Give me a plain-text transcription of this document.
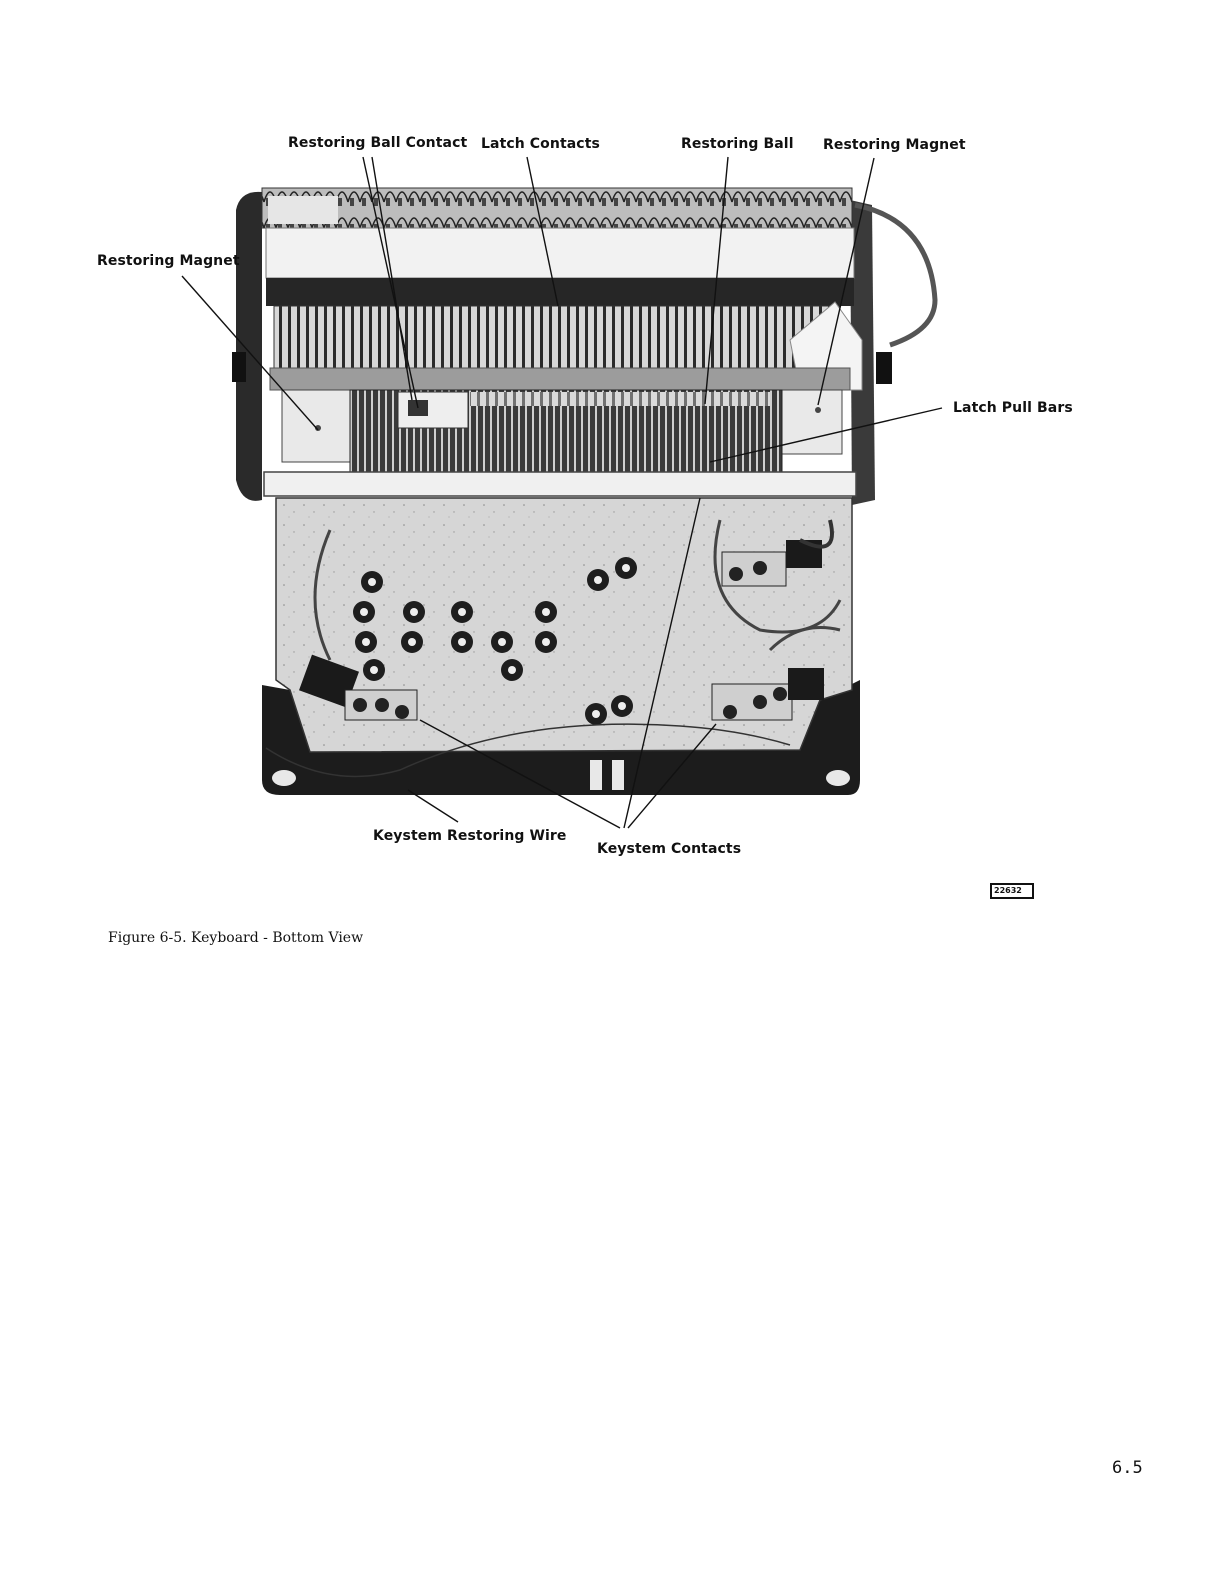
Restoring Ball Contact Latch Contacts	Restoring Ball Restoring Magnet
Restoring Magnet
Latch Pull Bars
Keystem Restoring Wire
Keystem Contacts
22632
Figure 6-5. Keyboard - Bottom View
6.5
